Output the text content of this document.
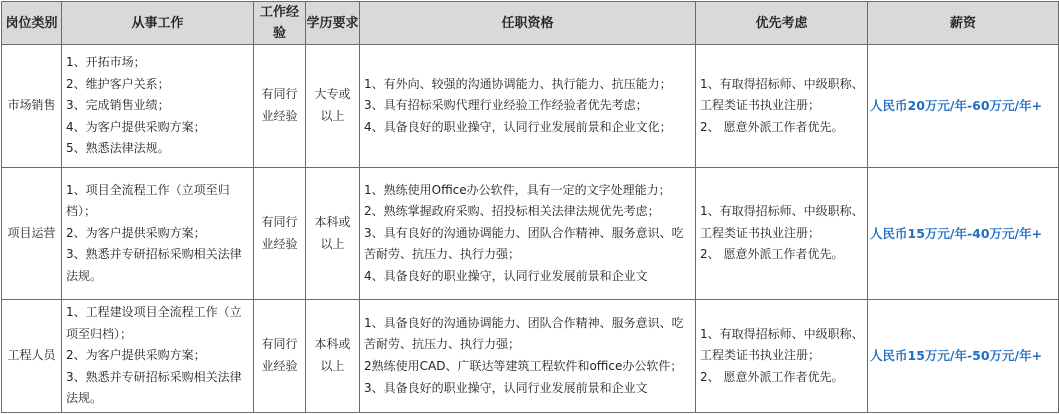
岗位类别	从事工作	工作经验	学历要求	任职资格	优先考虑	薪资
市场销售	1、开拓市场；
2、维护客户关系；
3、完成销售业绩；
4、为客户提供采购方案；
5、熟悉法律法规。	有同行业经验	大专或以上	1、有外向、较强的沟通协调能力、执行能力、抗压能力；
3、具有招标采购代理行业经验工作经验者优先考虑；
4、具备良好的职业操守，认同行业发展前景和企业文化；	1、有取得招标师、中级职称、工程类证书执业注册；
2、 愿意外派工作者优先。	人民币20万元/年-60万元/年+
项目运营	1、项目全流程工作（立项至归档）；
2、为客户提供采购方案；
3、熟悉并专研招标采购相关法律法规。	有同行业经验	本科或以上	1、熟练使用Office办公软件，具有一定的文字处理能力；
2、熟练掌握政府采购、招投标相关法律法规优先考虑；
3、具有良好的沟通协调能力、团队合作精神、服务意识、吃苦耐劳、抗压力、执行力强；
4、具备良好的职业操守，认同行业发展前景和企业文	1、有取得招标师、中级职称、工程类证书执业注册；
2、 愿意外派工作者优先。	人民币15万元/年-40万元/年+
工程人员	1、工程建设项目全流程工作（立项至归档）；
2、为客户提供采购方案；
3、熟悉并专研招标采购相关法律法规。	有同行业经验	本科或以上	1、具备良好的沟通协调能力、团队合作精神、服务意识、吃苦耐劳、抗压力、执行力强；
2熟练使用CAD、广联达等建筑工程软件和office办公软件；
3、具备良好的职业操守，认同行业发展前景和企业文	1、有取得招标师、中级职称、工程类证书执业注册；
2、 愿意外派工作者优先。	人民币15万元/年-50万元/年+
